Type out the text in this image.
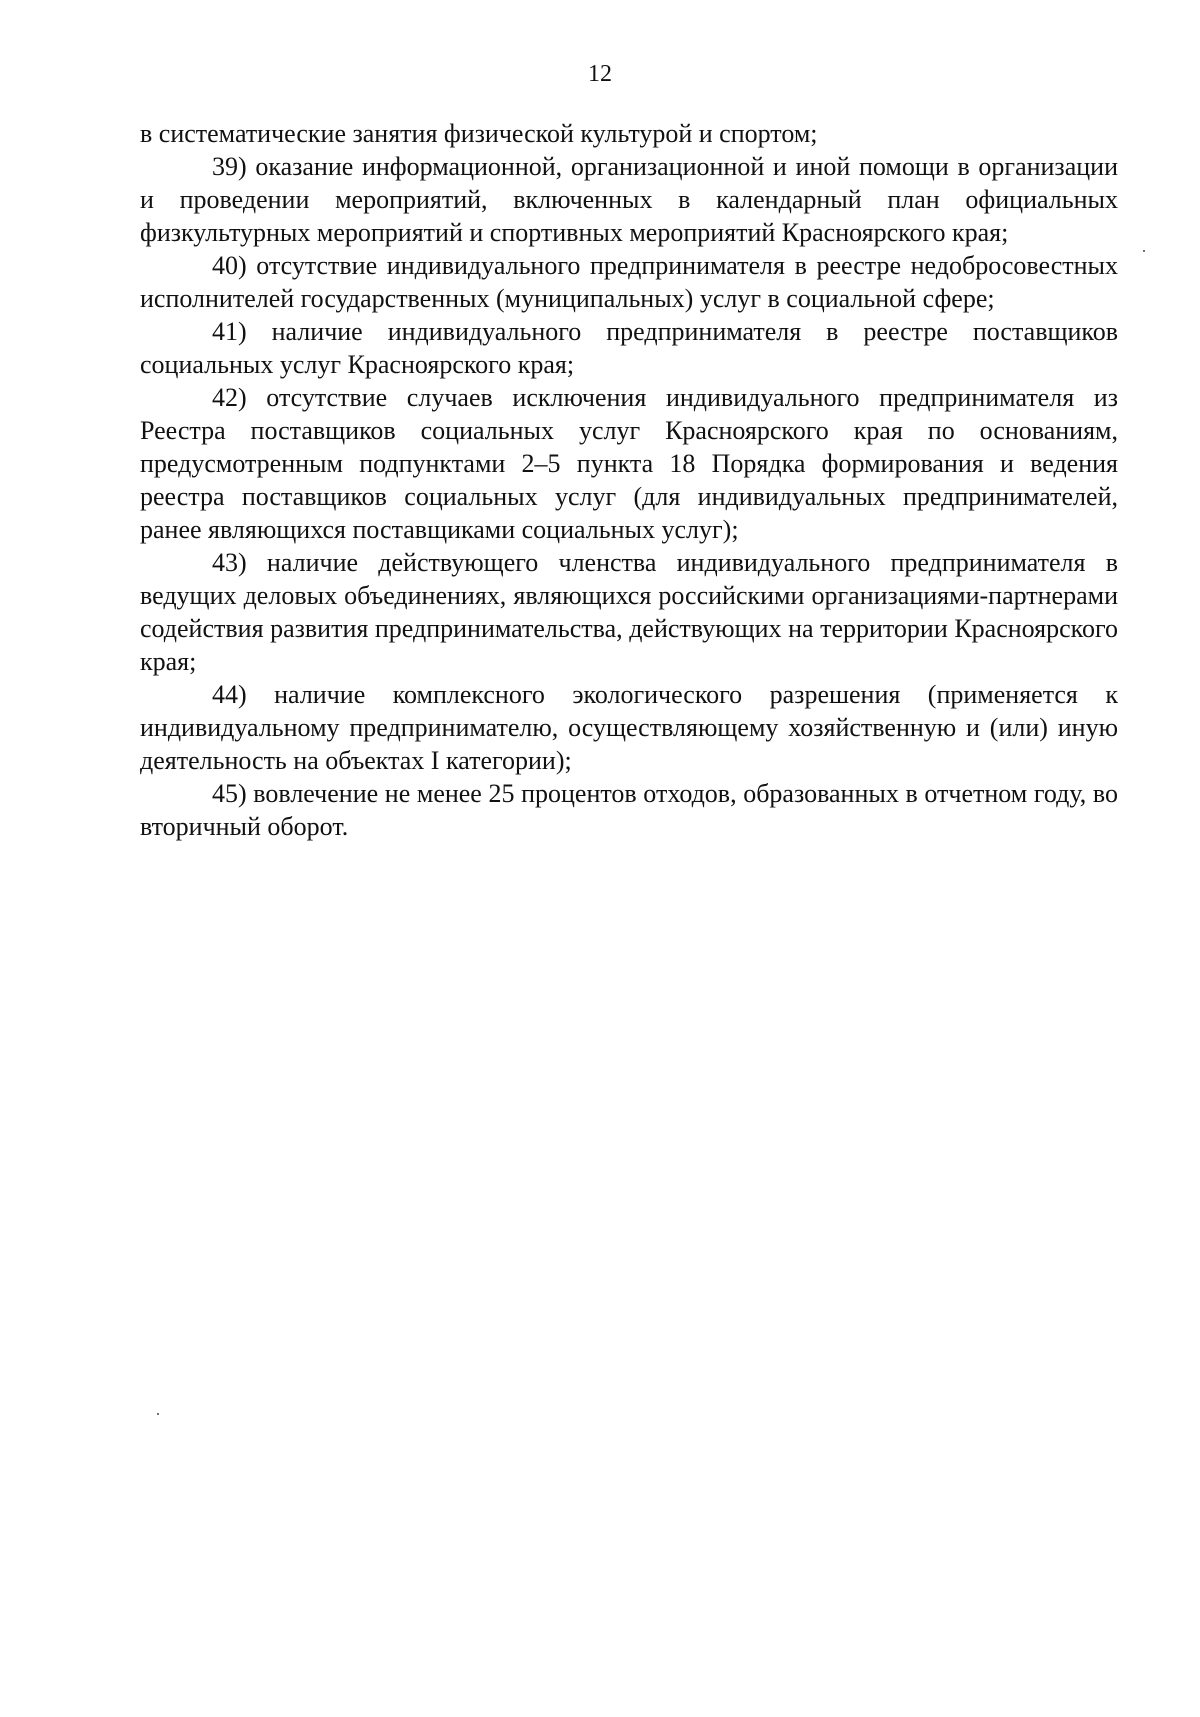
12

в систематические занятия физической культурой и спортом;

39) оказание информационной, организационной и иной помощи в организации и проведении мероприятий, включенных в календарный план официальных физкультурных мероприятий и спортивных мероприятий Красноярского края;

40) отсутствие индивидуального предпринимателя в реестре недобросовестных исполнителей государственных (муниципальных) услуг в социальной сфере;

41) наличие индивидуального предпринимателя в реестре поставщиков социальных услуг Красноярского края;

42) отсутствие случаев исключения индивидуального предпринимателя из Реестра поставщиков социальных услуг Красноярского края по основаниям, предусмотренным подпунктами 2–5 пункта 18 Порядка формирования и ведения реестра поставщиков социальных услуг (для индивидуальных предпринимателей, ранее являющихся поставщиками социальных услуг);

43) наличие действующего членства индивидуального предпринимателя в ведущих деловых объединениях, являющихся российскими организациями-партнерами содействия развития предпринимательства, действующих на территории Красноярского края;

44) наличие комплексного экологического разрешения (применяется к индивидуальному предпринимателю, осуществляющему хозяйственную и (или) иную деятельность на объектах I категории);

45) вовлечение не менее 25 процентов отходов, образованных в отчетном году, во вторичный оборот.
